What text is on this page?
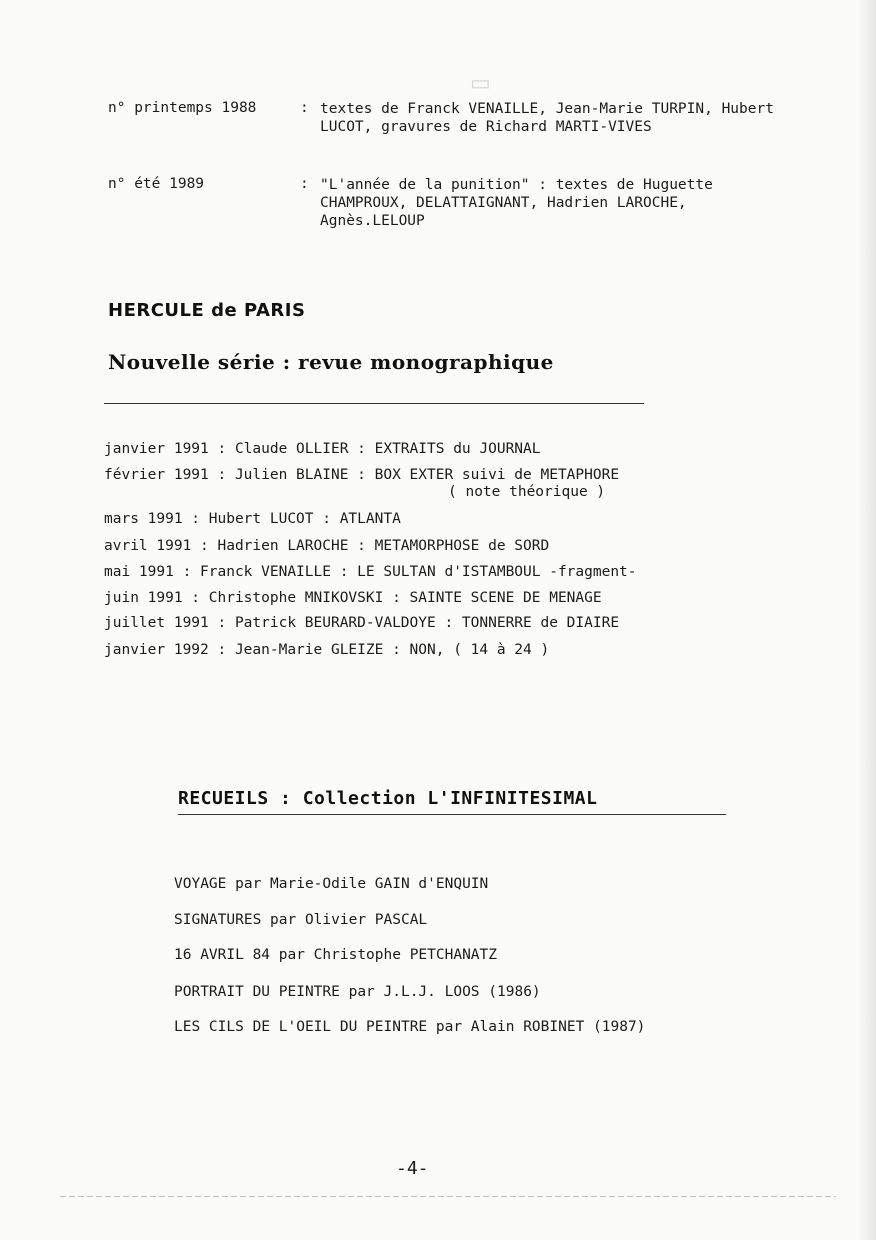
▭
n° printemps 1988	: textes de Franck VENAILLE, Jean-Marie TURPIN, Hubert LUCOT, gravures de Richard MARTI-VIVES
n° été 1989	: "L'année de la punition" : textes de Huguette CHAMPROUX, DELATTAIGNANT, Hadrien LAROCHE, Agnès.LELOUP
HERCULE de PARIS
Nouvelle série : revue monographique
janvier 1991 : Claude OLLIER : EXTRAITS du JOURNAL
février 1991 : Julien BLAINE : BOX EXTER suivi de METAPHORE
( note théorique )
mars 1991 : Hubert LUCOT : ATLANTA
avril 1991 : Hadrien LAROCHE : METAMORPHOSE de SORD
mai 1991 : Franck VENAILLE : LE SULTAN d'ISTAMBOUL -fragment-
juin 1991 : Christophe MNIKOVSKI : SAINTE SCENE DE MENAGE
juillet 1991 : Patrick BEURARD-VALDOYE : TONNERRE de DIAIRE
janvier 1992 : Jean-Marie GLEIZE : NON, ( 14 à 24 )
RECUEILS : Collection L'INFINITESIMAL
VOYAGE par Marie-Odile GAIN d'ENQUIN
SIGNATURES par Olivier PASCAL
16 AVRIL 84 par Christophe PETCHANATZ
PORTRAIT DU PEINTRE par J.L.J. LOOS (1986)
LES CILS DE L'OEIL DU PEINTRE par Alain ROBINET (1987)
-4-
